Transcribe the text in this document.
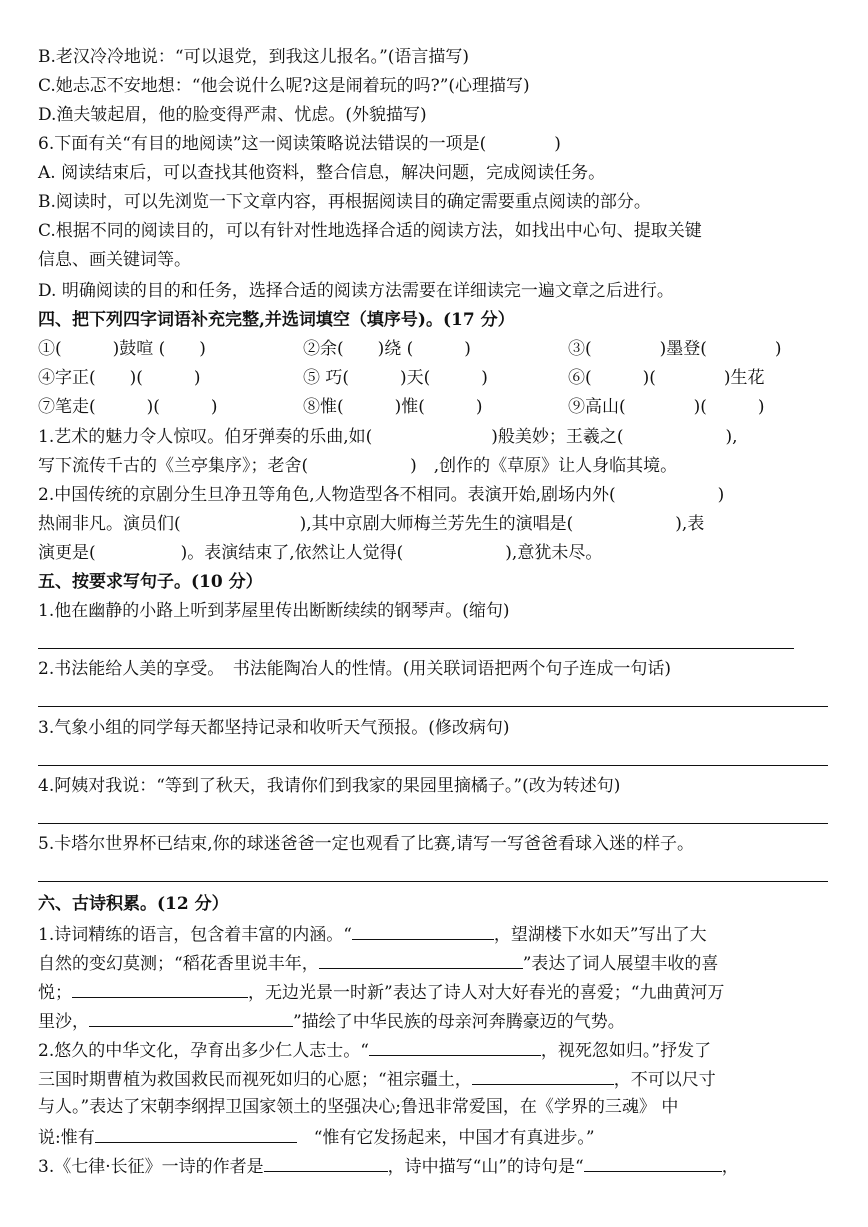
B.老汉冷冷地说：“可以退党，到我这儿报名。”(语言描写)
C.她忐忑不安地想：“他会说什么呢?这是闹着玩的吗?”(心理描写)
D.渔夫皱起眉，他的脸变得严肃、忧虑。(外貌描写)
6.下面有关“有目的地阅读”这一阅读策略说法错误的一项是(　　　　)
A. 阅读结束后，可以查找其他资料，整合信息，解决问题，完成阅读任务。
B.阅读时，可以先浏览一下文章内容，再根据阅读目的确定需要重点阅读的部分。
C.根据不同的阅读目的，可以有针对性地选择合适的阅读方法，如找出中心句、提取关键
信息、画关键词等。
D. 明确阅读的目的和任务，选择合适的阅读方法需要在详细读完一遍文章之后进行。
四、把下列四字词语补充完整,并选词填空（填序号)。(17 分）
①(　　　)鼓喧 (　　)	②余(　　)绕 (　　　)	③(　　　　)墨登(　　　　)
④字正(　　)(　　　)	⑤ 巧(　　　)天(　　　)	⑥(　　　)(　　　　)生花
⑦笔走(　　　)(　　　)	⑧惟(　　　)惟(　　　)	⑨高山(　　　　)(　　　)
1.艺术的魅力令人惊叹。伯牙弹奏的乐曲,如(　　　　　　　)般美妙；王羲之(　　　　　　),
写下流传千古的《兰亭集序》；老舍(　　　　　　)　,创作的《草原》让人身临其境。
2.中国传统的京剧分生旦净丑等角色,人物造型各不相同。表演开始,剧场内外(　　　　　　)
热闹非凡。演员们(　　　　　　　),其中京剧大师梅兰芳先生的演唱是(　　　　　　),表
演更是(　　　　　)。表演结束了,依然让人觉得(　　　　　　),意犹未尽。
五、按要求写句子。(10 分）
1.他在幽静的小路上听到茅屋里传出断断续续的钢琴声。(缩句)
2.书法能给人美的享受。　书法能陶冶人的性情。(用关联词语把两个句子连成一句话)
3.气象小组的同学每天都坚持记录和收听天气预报。(修改病句)
4.阿姨对我说：“等到了秋天，我请你们到我家的果园里摘橘子。”(改为转述句)
5.卡塔尔世界杯已结束,你的球迷爸爸一定也观看了比赛,请写一写爸爸看球入迷的样子。
六、古诗积累。(12 分）
1.诗词精练的语言，包含着丰富的内涵。“	，望湖楼下水如天”写出了大
自然的变幻莫测；“稻花香里说丰年，	”表达了词人展望丰收的喜
悦；	，无边光景一时新”表达了诗人对大好春光的喜爱；“九曲黄河万
里沙，	”描绘了中华民族的母亲河奔腾豪迈的气势。
2.悠久的中华文化，孕育出多少仁人志士。“	，视死忽如归。”抒发了
三国时期曹植为救国救民而视死如归的心愿；“祖宗疆土，	，不可以尺寸
与人。”表达了宋朝李纲捍卫国家领土的坚强决心;鲁迅非常爱国，在《学界的三魂》 中
说:惟有	　“惟有它发扬起来，中国才有真进步。”
3.《七律·长征》一诗的作者是	，诗中描写“山”的诗句是“	，
